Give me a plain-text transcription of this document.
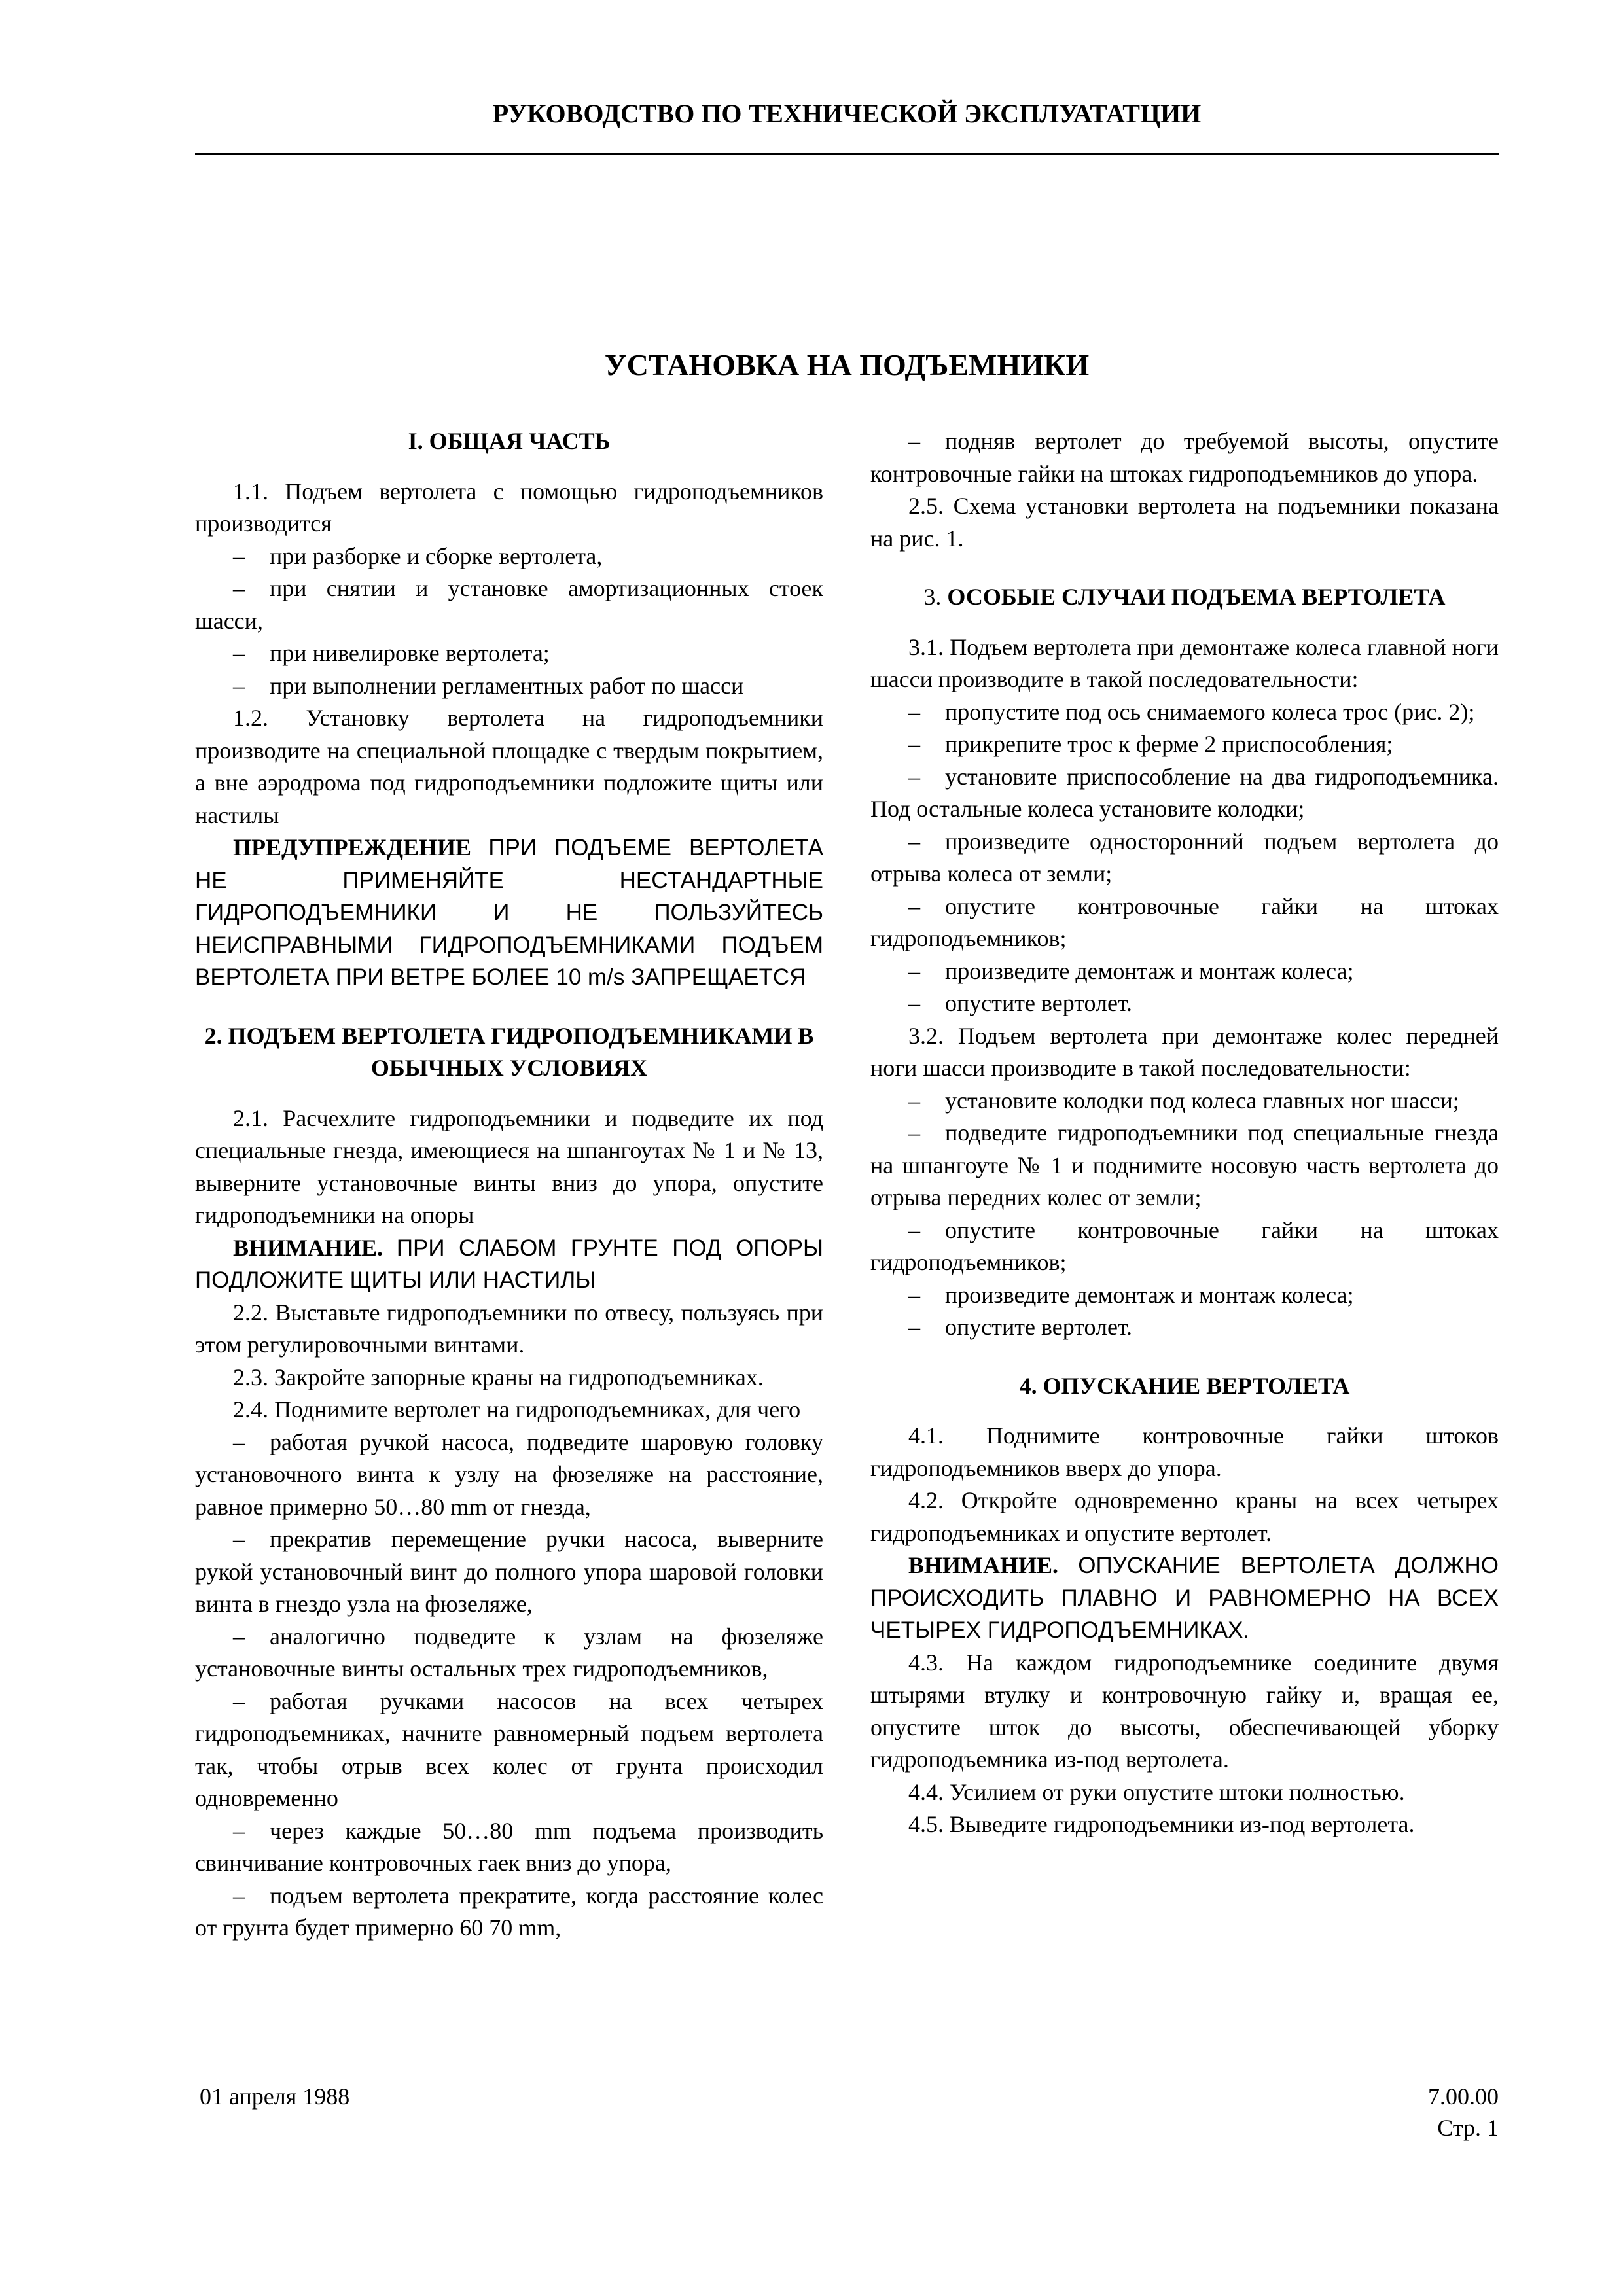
РУКОВОДСТВО ПО ТЕХНИЧЕСКОЙ ЭКСПЛУАТАТЦИИ
УСТАНОВКА НА ПОДЪЕМНИКИ

I. ОБЩАЯ ЧАСТЬ

1.1. Подъем вертолета с помощью гидроподъемников производится

– при разборке и сборке вертолета,

– при снятии и установке амортизационных стоек шасси,

– при нивелировке вертолета;

– при выполнении регламентных работ по шасси

1.2. Установку вертолета на гидроподъемники производите на специальной площадке с твердым покрытием, а вне аэродрома под гидроподъемники подложите щиты или настилы

ПРЕДУПРЕЖДЕНИЕ ПРИ ПОДЪЕМЕ ВЕРТОЛЕТА НЕ ПРИМЕНЯЙТЕ НЕСТАНДАРТНЫЕ ГИДРОПОДЪЕМНИКИ И НЕ ПОЛЬЗУЙТЕСЬ НЕИСПРАВНЫМИ ГИДРОПОДЪЕМНИКАМИ ПОДЪЕМ ВЕРТОЛЕТА ПРИ ВЕТРЕ БОЛЕЕ 10 m/s ЗАПРЕЩАЕТСЯ

2. ПОДЪЕМ ВЕРТОЛЕТА ГИДРОПОДЪЕМНИКАМИ В ОБЫЧНЫХ УСЛОВИЯХ

2.1. Расчехлите гидроподъемники и подведите их под специальные гнезда, имеющиеся на шпангоутах № 1 и № 13, выверните установочные винты вниз до упора, опустите гидроподъемники на опоры

ВНИМАНИЕ. ПРИ СЛАБОМ ГРУНТЕ ПОД ОПОРЫ ПОДЛОЖИТЕ ЩИТЫ ИЛИ НАСТИЛЫ

2.2. Выставьте гидроподъемники по отвесу, пользуясь при этом регулировочными винтами.

2.3. Закройте запорные краны на гидроподъемниках.

2.4. Поднимите вертолет на гидроподъемниках, для чего

– работая ручкой насоса, подведите шаровую головку установочного винта к узлу на фюзеляже на расстояние, равное примерно 50…80 mm от гнезда,

– прекратив перемещение ручки насоса, выверните рукой установочный винт до полного упора шаровой головки винта в гнездо узла на фюзеляже,

– аналогично подведите к узлам на фюзеляже установочные винты остальных трех гидроподъемников,

– работая ручками насосов на всех четырех гидроподъемниках, начните равномерный подъем вертолета так, чтобы отрыв всех колес от грунта происходил одновременно

– через каждые 50…80 mm подъема производить свинчивание контровочных гаек вниз до упора,

– подъем вертолета прекратите, когда расстояние колес от грунта будет примерно 60 70 mm,

– подняв вертолет до требуемой высоты, опустите контровочные гайки на штоках гидроподъемников до упора.

2.5. Схема установки вертолета на подъемники показана на рис. 1.

3. ОСОБЫЕ СЛУЧАИ ПОДЪЕМА ВЕРТОЛЕТА

3.1. Подъем вертолета при демонтаже колеса главной ноги шасси производите в такой последовательности:

– пропустите под ось снимаемого колеса трос (рис. 2);

– прикрепите трос к ферме 2 приспособления;

– установите приспособление на два гидроподъемника. Под остальные колеса установите колодки;

– произведите односторонний подъем вертолета до отрыва колеса от земли;

– опустите контровочные гайки на штоках гидроподъемников;

– произведите демонтаж и монтаж колеса;

– опустите вертолет.

3.2. Подъем вертолета при демонтаже колес передней ноги шасси производите в такой последовательности:

– установите колодки под колеса главных ног шасси;

– подведите гидроподъемники под специальные гнезда на шпангоуте № 1 и поднимите носовую часть вертолета до отрыва передних колес от земли;

– опустите контровочные гайки на штоках гидроподъемников;

– произведите демонтаж и монтаж колеса;

– опустите вертолет.

4. ОПУСКАНИЕ ВЕРТОЛЕТА

4.1. Поднимите контровочные гайки штоков гидроподъемников вверх до упора.

4.2. Откройте одновременно краны на всех четырех гидроподъемниках и опустите вертолет.

ВНИМАНИЕ. ОПУСКАНИЕ ВЕРТОЛЕТА ДОЛЖНО ПРОИСХОДИТЬ ПЛАВНО И РАВНОМЕРНО НА ВСЕХ ЧЕТЫРЕХ ГИДРОПОДЪЕМНИКАХ.

4.3. На каждом гидроподъемнике соедините двумя штырями втулку и контровочную гайку и, вращая ее, опустите шток до высоты, обеспечивающей уборку гидроподъемника из-под вертолета.

4.4. Усилием от руки опустите штоки полностью.

4.5. Выведите гидроподъемники из-под вертолета.

01 апреля 1988	7.00.00
Стр. 1
